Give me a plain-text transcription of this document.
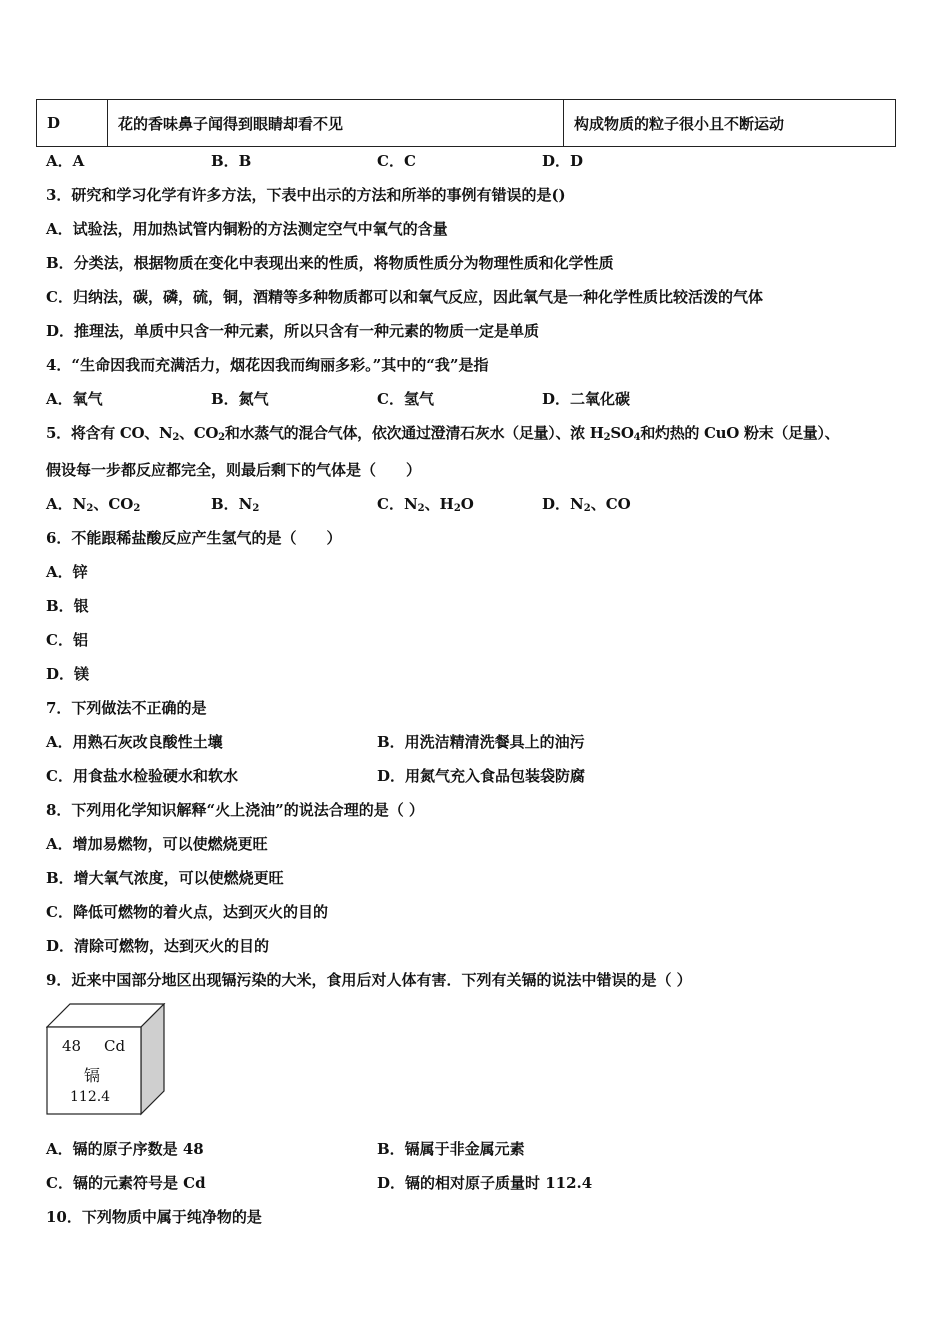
D	花的香味鼻子闻得到眼睛却看不见	构成物质的粒子很小且不断运动
A．A	B．B	C．C	D．D
3．研究和学习化学有许多方法，下表中出示的方法和所举的事例有错误的是()
A．试验法，用加热试管内铜粉的方法测定空气中氧气的含量
B．分类法，根据物质在变化中表现出来的性质，将物质性质分为物理性质和化学性质
C．归纳法，碳，磷，硫，铜，酒精等多种物质都可以和氧气反应，因此氧气是一种化学性质比较活泼的气体
D．推理法，单质中只含一种元素，所以只含有一种元素的物质一定是单质
4．“生命因我而充满活力，烟花因我而绚丽多彩。”其中的“我”是指
A．氧气	B．氮气	C．氢气	D．二氧化碳
5．将含有 CO、$N_2$、$CO_2$和水蒸气的混合气体，依次通过澄清石灰水（足量）、浓 $H_2SO_4$和灼热的 CuO 粉末（足量）、
假设每一步都反应都完全，则最后剩下的气体是（　　）
A．$N_2$、$CO_2$	B．$N_2$	C．$N_2$、$H_2O$	D．$N_2$、CO
6．不能跟稀盐酸反应产生氢气的是（　　）
A．锌
B．银
C．铝
D．镁
7．下列做法不正确的是
A．用熟石灰改良酸性土壤	B．用洗洁精清洗餐具上的油污
C．用食盐水检验硬水和软水	D．用氮气充入食品包装袋防腐
8．下列用化学知识解释“火上浇油”的说法合理的是（ ）
A．增加易燃物，可以使燃烧更旺
B．增大氧气浓度，可以使燃烧更旺
C．降低可燃物的着火点，达到灭火的目的
D．清除可燃物，达到灭火的目的
9．近来中国部分地区出现镉污染的大米，食用后对人体有害．下列有关镉的说法中错误的是（ ）
48 Cd
镉
112.4
A．镉的原子序数是 48	B．镉属于非金属元素
C．镉的元素符号是 Cd	D．镉的相对原子质量时 112.4
10．下列物质中属于纯净物的是
